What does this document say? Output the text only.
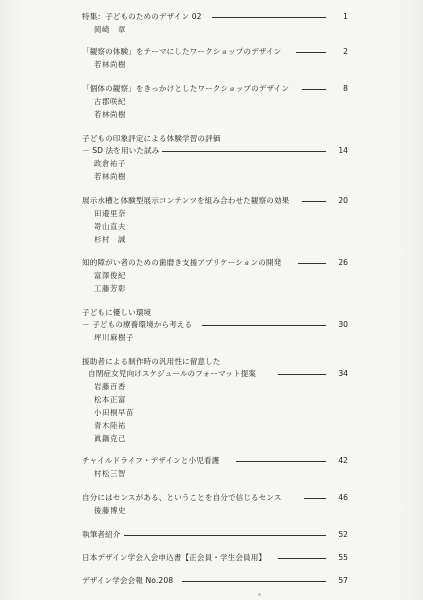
特集：子どものためのデザイン 02	1
岡崎　章
「観察の体験」をテーマにしたワークショップのデザイン	2
若林尚樹
「個体の観察」をきっかけとしたワークショップのデザイン	8
古郡咲紀
若林尚樹
子どもの印象評定による体験学習の評価
－ SD 法を用いた試み	14
政倉祐子
若林尚樹
展示水槽と体験型展示コンテンツを組み合わせた観察の効果	20
田邉里奈
嵜山直夫
杉村　誠
知的障がい者のための歯磨き支援アプリケーションの開発	26
富澤俊紀
工藤芳彰
子どもに優しい環境
－ 子どもの療養環境から考える	30
坪川麻樹子
援助者による制作時の汎用性に留意した
自閉症女児向けスケジュールのフォーマット提案	34
岩藤百香
松本正富
小田桐早苗
青木陸祐
眞鍋克己
チャイルドライフ・デザインと小児看護	42
村松三智
自分にはセンスがある、ということを自分で信じるセンス	46
後藤博史
執筆者紹介	52
日本デザイン学会入会申込書【正会員・学生会員用】	55
デザイン学会会報 No.208	57
